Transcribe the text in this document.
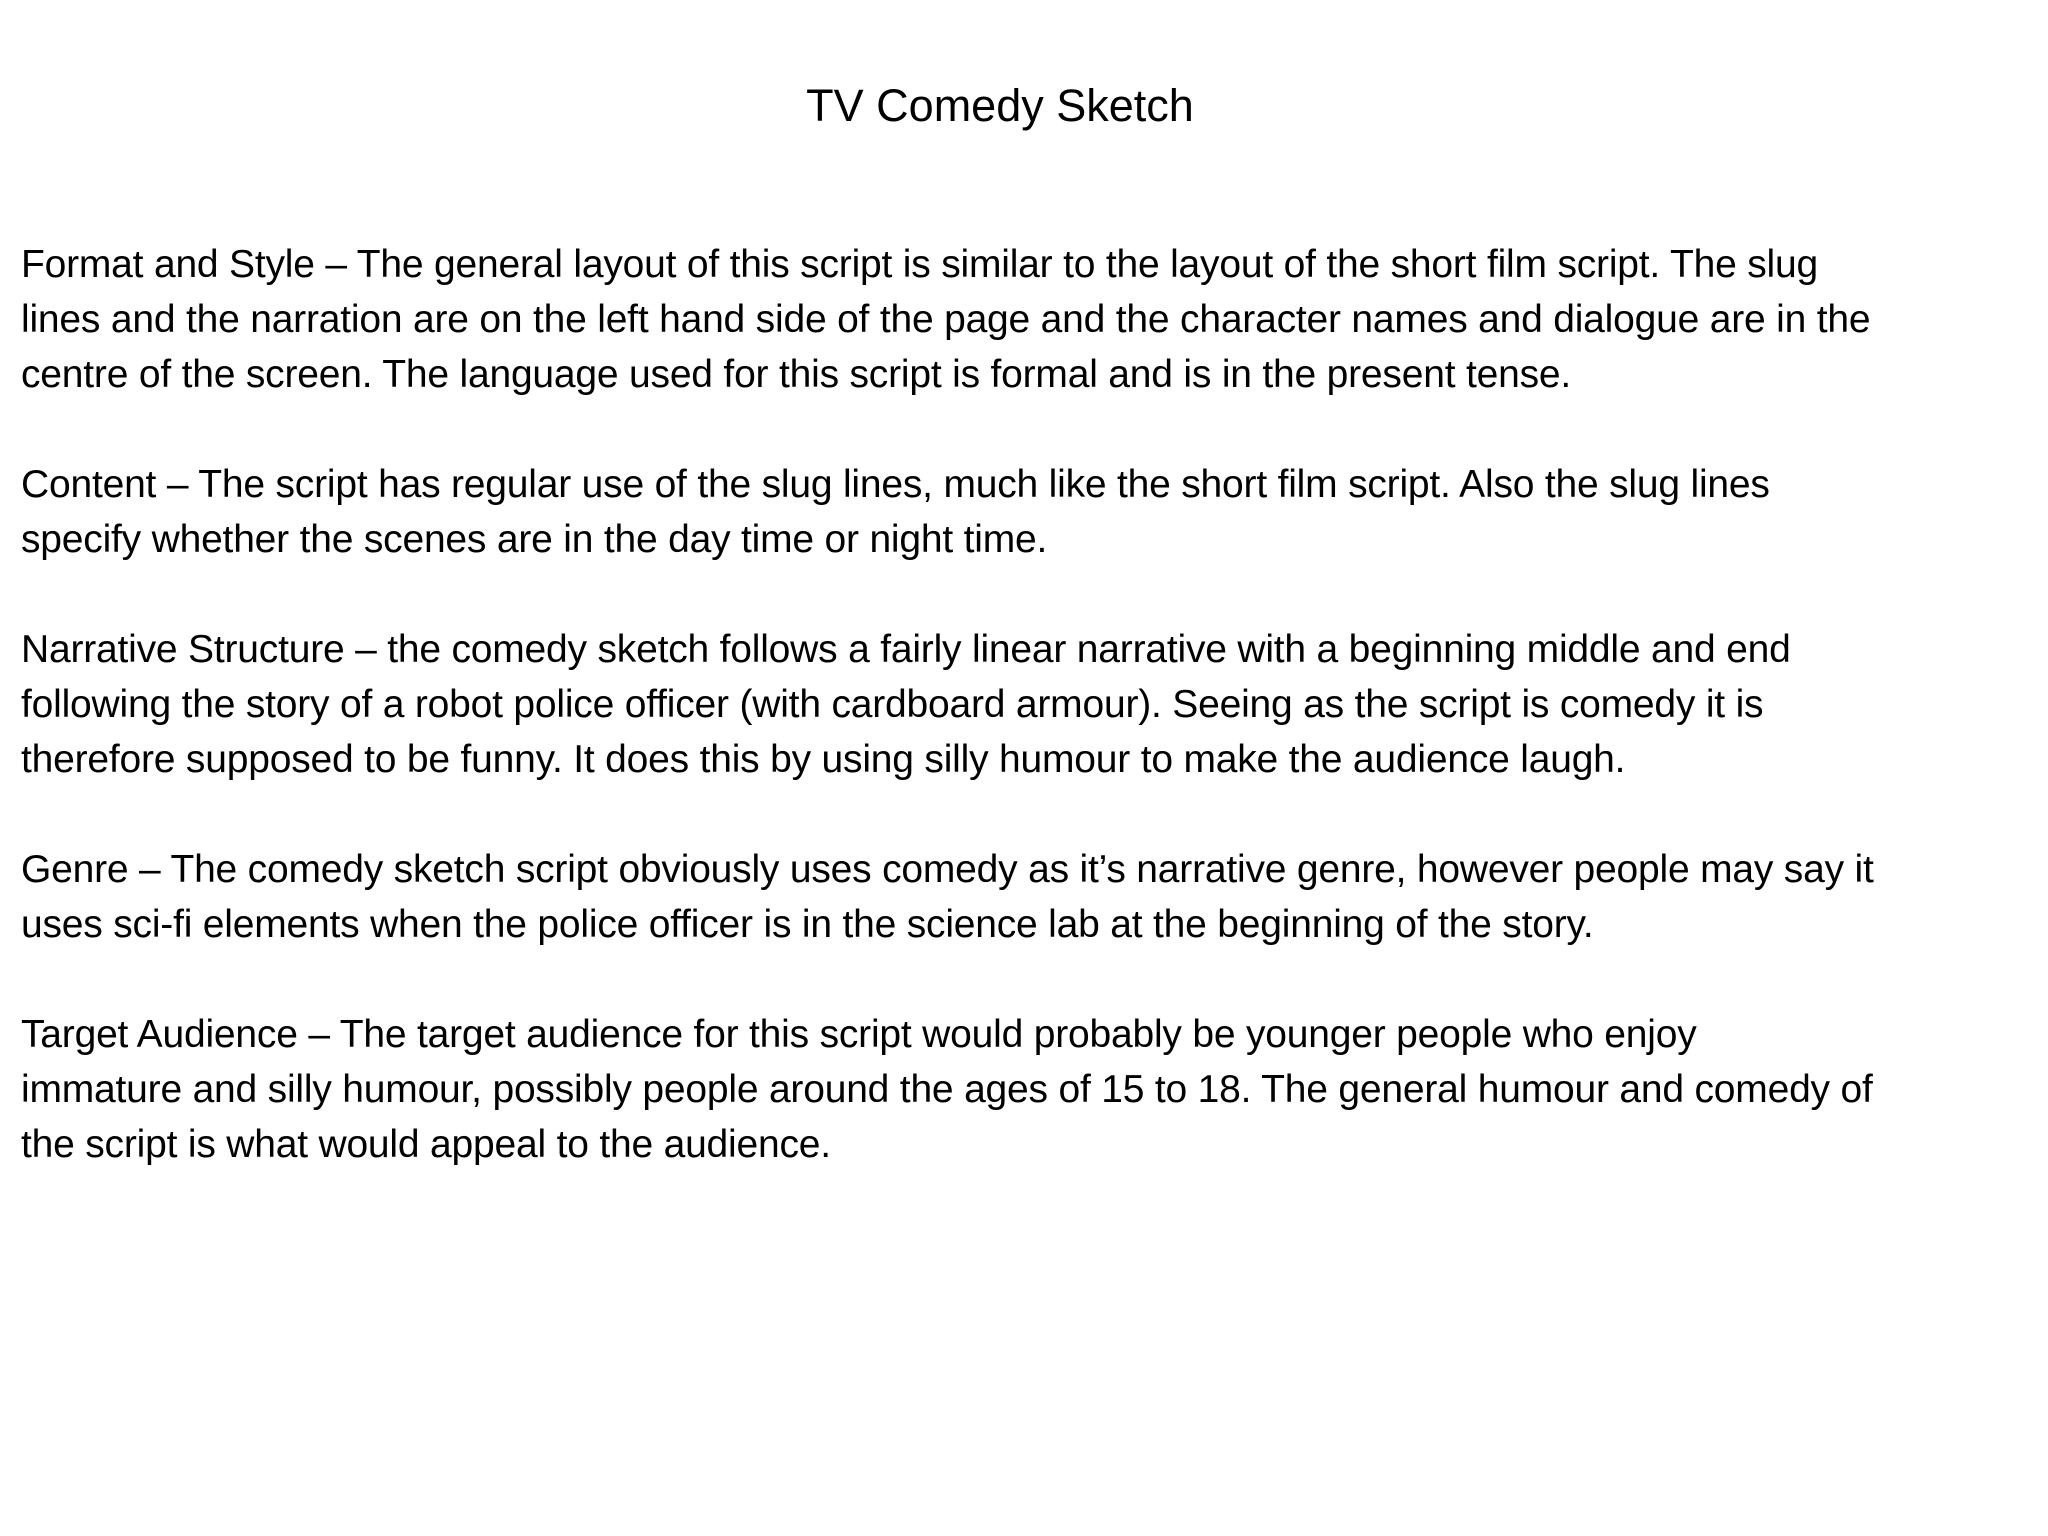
TV Comedy Sketch

Format and Style – The general layout of this script is similar to the layout of the short film script. The slug
lines and the narration are on the left hand side of the page and the character names and dialogue are in the
centre of the screen. The language used for this script is formal and is in the present tense.

Content – The script has regular use of the slug lines, much like the short film script. Also the slug lines
specify whether the scenes are in the day time or night time.

Narrative Structure – the comedy sketch follows a fairly linear narrative with a beginning middle and end
following the story of a robot police officer (with cardboard armour). Seeing as the script is comedy it is
therefore supposed to be funny. It does this by using silly humour to make the audience laugh.

Genre – The comedy sketch script obviously uses comedy as it’s narrative genre, however people may say it
uses sci-fi elements when the police officer is in the science lab at the beginning of the story.

Target Audience – The target audience for this script would probably be younger people who enjoy
immature and silly humour, possibly people around the ages of 15 to 18. The general humour and comedy of
the script is what would appeal to the audience.
